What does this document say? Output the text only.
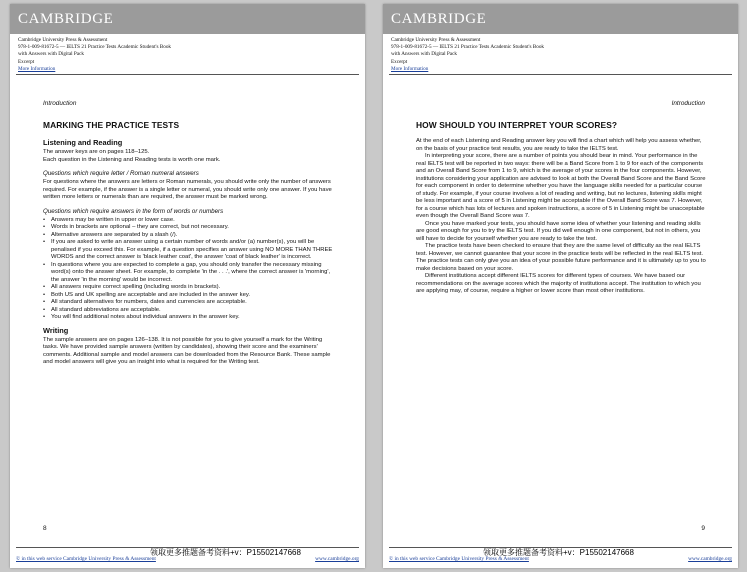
CAMBRIDGE
Cambridge University Press & Assessment
978-1-009-81672-5 — IELTS 21 Practice Tests Academic Student's Book
with Answers with Digital Pack
Excerpt
More Information
Introduction
MARKING THE PRACTICE TESTS
Listening and Reading

The answer keys are on pages 118–125.

Each question in the Listening and Reading tests is worth one mark.

Questions which require letter / Roman numeral answers

For questions where the answers are letters or Roman numerals, you should write only the number of answers required. For example, if the answer is a single letter or numeral, you should write only one answer. If you have written more letters or numerals than are required, the answer must be marked wrong.

Questions which require answers in the form of words or numbers
• Answers may be written in upper or lower case.
• Words in brackets are optional – they are correct, but not necessary.
• Alternative answers are separated by a slash (/).
• If you are asked to write an answer using a certain number of words and/or (a) number(s), you will be penalised if you exceed this. For example, if a question specifies an answer using NO MORE THAN THREE WORDS and the correct answer is 'black leather coat', the answer 'coat of black leather' is incorrect.
• In questions where you are expected to complete a gap, you should only transfer the necessary missing word(s) onto the answer sheet. For example, to complete 'in the . . .', where the correct answer is 'morning', the answer 'in the morning' would be incorrect.
• All answers require correct spelling (including words in brackets).
• Both US and UK spelling are acceptable and are included in the answer key.
• All standard alternatives for numbers, dates and currencies are acceptable.
• All standard abbreviations are acceptable.
• You will find additional notes about individual answers in the answer key.
Writing

The sample answers are on pages 126–138. It is not possible for you to give yourself a mark for the Writing tasks. We have provided sample answers (written by candidates), showing their score and the examiners' comments. Additional sample and model answers can be downloaded from the Resource Bank. These sample and model answers will give you an insight into what is required for the Writing test.

8
领取更多推题备考资料+v：P15502147668
© in this web service Cambridge University Press & Assessment	www.cambridge.org
CAMBRIDGE
Cambridge University Press & Assessment
978-1-009-81672-5 — IELTS 21 Practice Tests Academic Student's Book
with Answers with Digital Pack
Excerpt
More Information
Introduction
HOW SHOULD YOU INTERPRET YOUR SCORES?

At the end of each Listening and Reading answer key you will find a chart which will help you assess whether, on the basis of your practice test results, you are ready to take the IELTS test.

In interpreting your score, there are a number of points you should bear in mind. Your performance in the real IELTS test will be reported in two ways: there will be a Band Score from 1 to 9 for each of the components and an Overall Band Score from 1 to 9, which is the average of your scores in the four components. However, institutions considering your application are advised to look at both the Overall Band Score and the Band Score for each component in order to determine whether you have the language skills needed for a particular course of study. For example, if your course involves a lot of reading and writing, but no lectures, listening skills might be less important and a score of 5 in Listening might be acceptable if the Overall Band Score was 7. However, for a course which has lots of lectures and spoken instructions, a score of 5 in Listening might be unacceptable even though the Overall Band Score was 7.

Once you have marked your tests, you should have some idea of whether your listening and reading skills are good enough for you to try the IELTS test. If you did well enough in one component, but not in others, you will have to decide for yourself whether you are ready to take the test.

The practice tests have been checked to ensure that they are the same level of difficulty as the real IELTS test. However, we cannot guarantee that your score in the practice tests will be reflected in the real IELTS test. The practice tests can only give you an idea of your possible future performance and it is ultimately up to you to make decisions based on your score.

Different institutions accept different IELTS scores for different types of courses. We have based our recommendations on the average scores which the majority of institutions accept. The institution to which you are applying may, of course, require a higher or lower score than most other institutions.

9
领取更多推题备考资料+v：P15502147668
© in this web service Cambridge University Press & Assessment	www.cambridge.org
